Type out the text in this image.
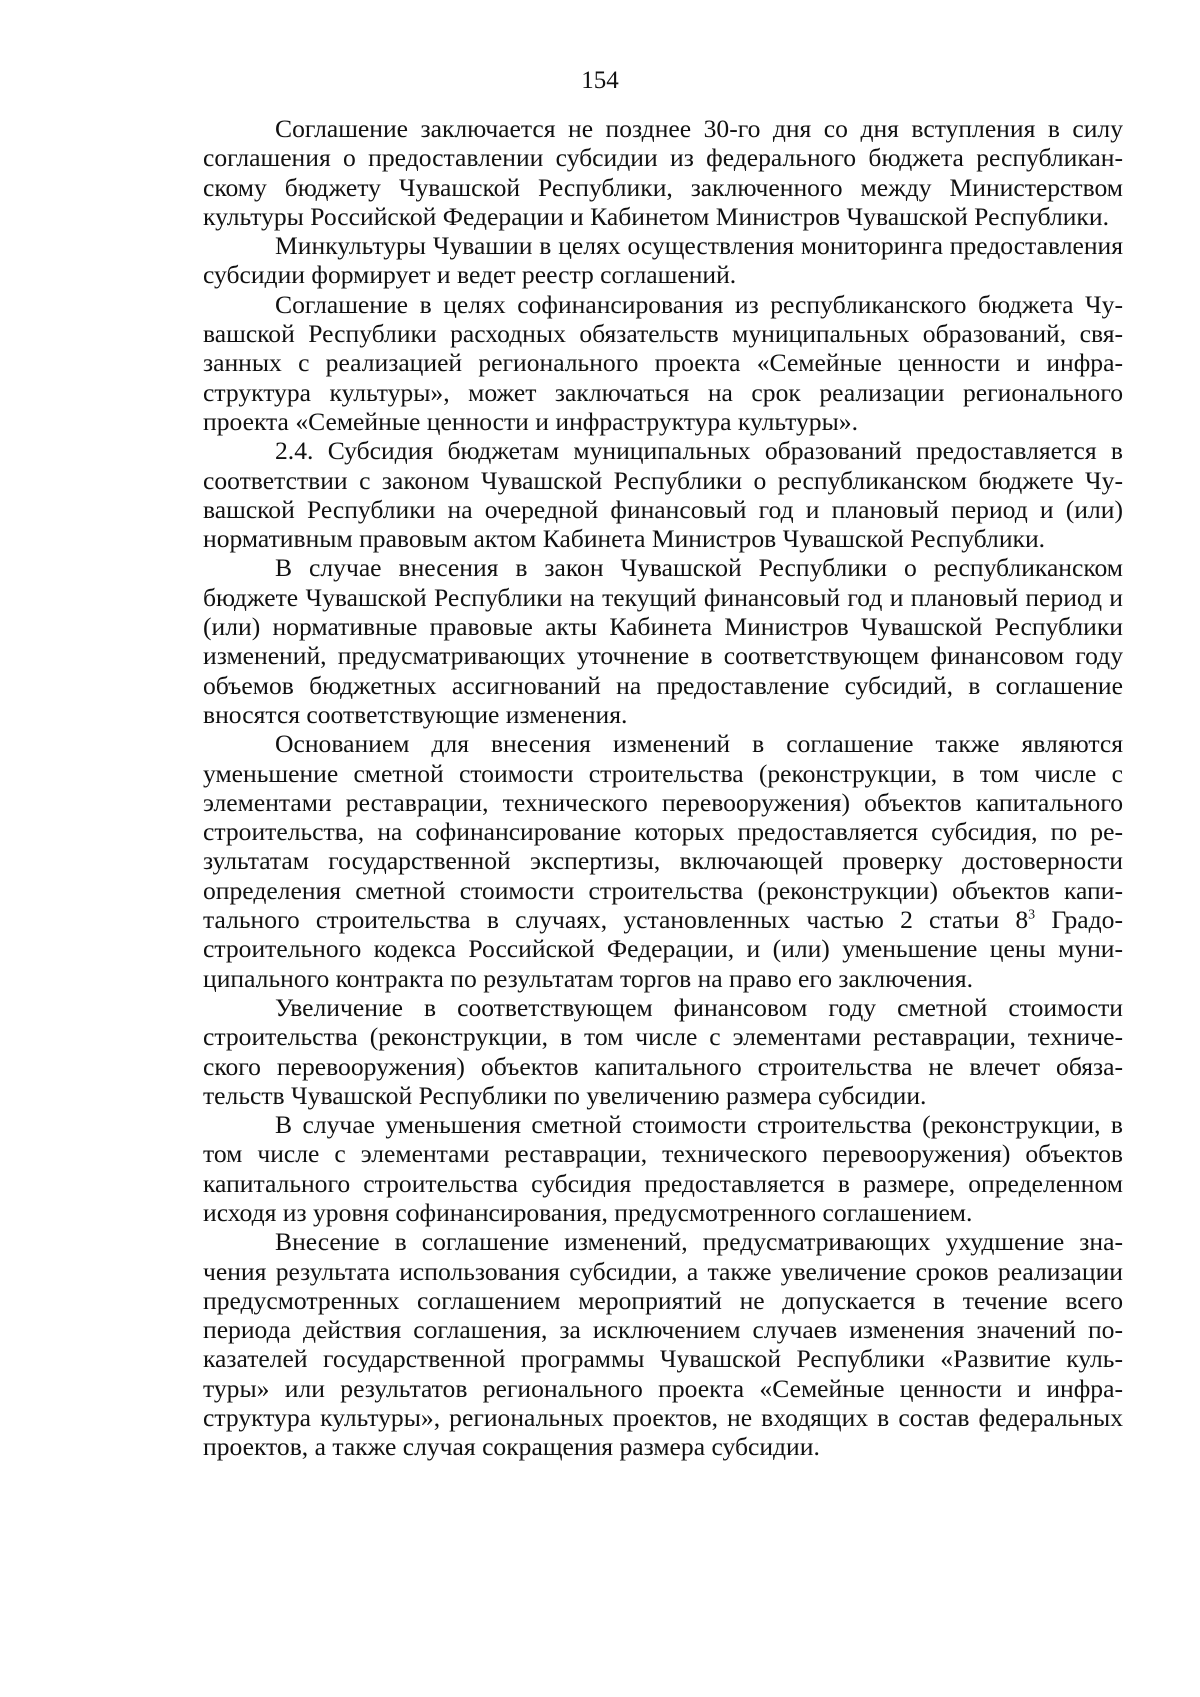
154

Соглашение заключается не позднее 30-го дня со дня вступления в силу соглашения о предоставлении субсидии из федерального бюджета республиканскому бюджету Чувашской Республики, заключенного между Министерством культуры Российской Федерации и Кабинетом Министров Чувашской Республики.

Минкультуры Чувашии в целях осуществления мониторинга предоставления субсидии формирует и ведет реестр соглашений.

Соглашение в целях софинансирования из республиканского бюджета Чувашской Республики расходных обязательств муниципальных образований, связанных с реализацией регионального проекта «Семейные ценности и инфраструктура культуры», может заключаться на срок реализации регионального проекта «Семейные ценности и инфраструктура культуры».

2.4. Субсидия бюджетам муниципальных образований предоставляется в соответствии с законом Чувашской Республики о республиканском бюджете Чувашской Республики на очередной финансовый год и плановый период и (или) нормативным правовым актом Кабинета Министров Чувашской Республики.

В случае внесения в закон Чувашской Республики о республиканском бюджете Чувашской Республики на текущий финансовый год и плановый период и (или) нормативные правовые акты Кабинета Министров Чувашской Республики изменений, предусматривающих уточнение в соответствующем финансовом году объемов бюджетных ассигнований на предоставление субсидий, в соглашение вносятся соответствующие изменения.

Основанием для внесения изменений в соглашение также являются уменьшение сметной стоимости строительства (реконструкции, в том числе с элементами реставрации, технического перевооружения) объектов капитального строительства, на софинансирование которых предоставляется субсидия, по результатам государственной экспертизы, включающей проверку достоверности определения сметной стоимости строительства (реконструкции) объектов капитального строительства в случаях, установленных частью 2 статьи $8^3$ Градостроительного кодекса Российской Федерации, и (или) уменьшение цены муниципального контракта по результатам торгов на право его заключения.

Увеличение в соответствующем финансовом году сметной стоимости строительства (реконструкции, в том числе с элементами реставрации, технического перевооружения) объектов капитального строительства не влечет обязательств Чувашской Республики по увеличению размера субсидии.

В случае уменьшения сметной стоимости строительства (реконструкции, в том числе с элементами реставрации, технического перевооружения) объектов капитального строительства субсидия предоставляется в размере, определенном исходя из уровня софинансирования, предусмотренного соглашением.

Внесение в соглашение изменений, предусматривающих ухудшение значения результата использования субсидии, а также увеличение сроков реализации предусмотренных соглашением мероприятий не допускается в течение всего периода действия соглашения, за исключением случаев изменения значений показателей государственной программы Чувашской Республики «Развитие культуры» или результатов регионального проекта «Семейные ценности и инфраструктура культуры», региональных проектов, не входящих в состав федеральных проектов, а также случая сокращения размера субсидии.
